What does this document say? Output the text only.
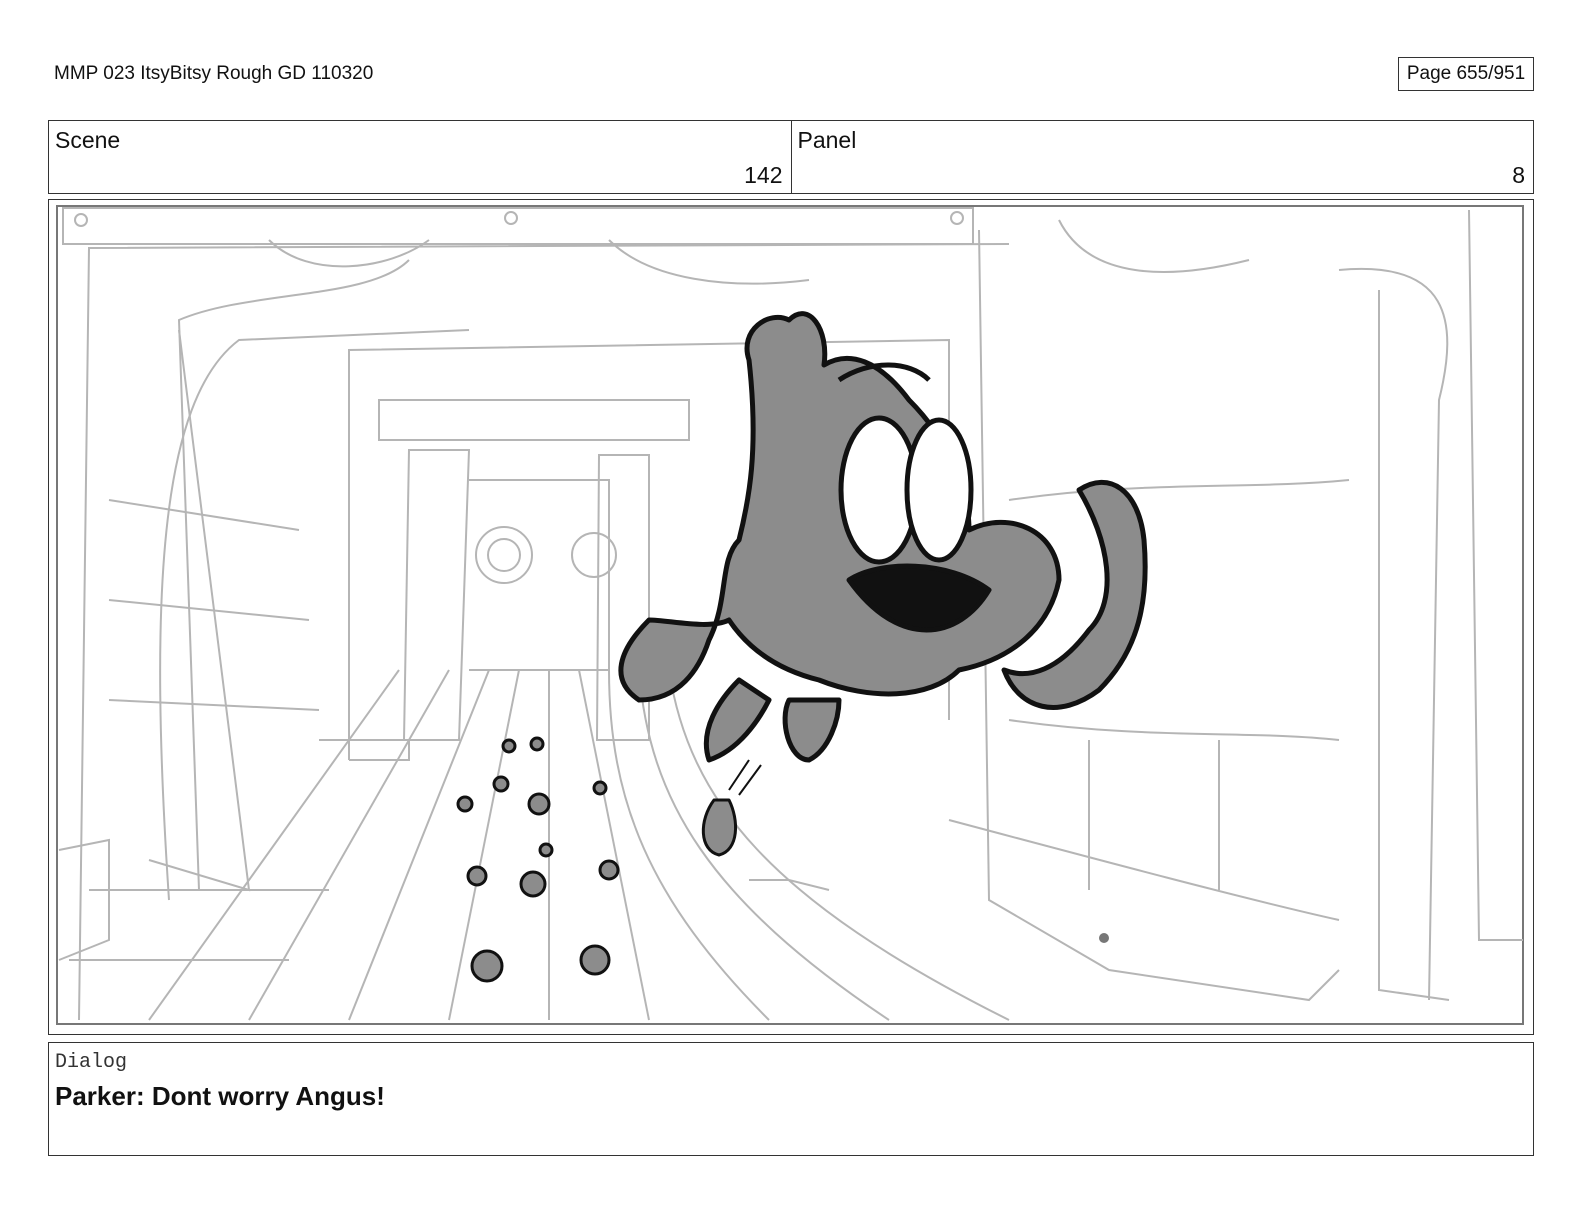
MMP 023 ItsyBitsy Rough GD 110320	Page 655/951
Scene
142
Panel
8
Dialog
Parker: Dont worry Angus!
